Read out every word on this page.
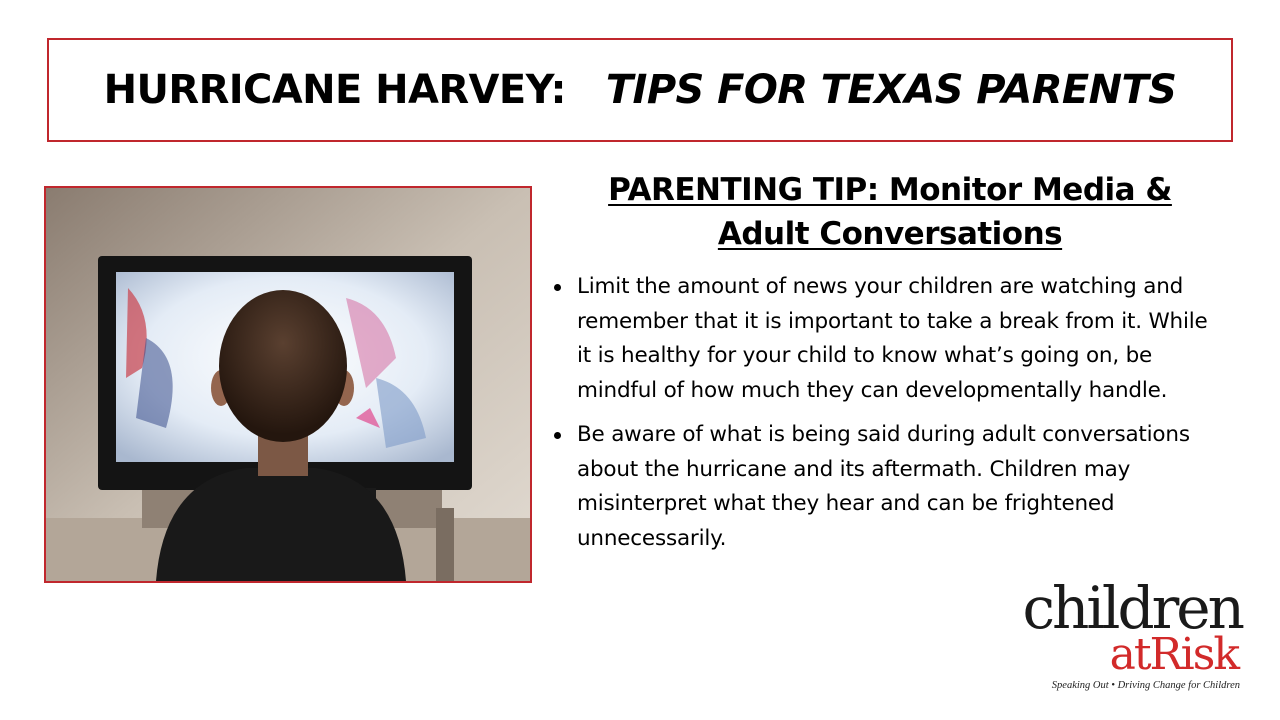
HURRICANE HARVEY: TIPS FOR TEXAS PARENTS
PARENTING TIP: Monitor Media &
Adult Conversations
Limit the amount of news your children are watching and remember that it is important to take a break from it. While it is healthy for your child to know what’s going on, be mindful of how much they can developmentally handle.
Be aware of what is being said during adult conversations about the hurricane and its aftermath. Children may misinterpret what they hear and can be frightened unnecessarily.
children
atRisk
Speaking Out • Driving Change for Children
